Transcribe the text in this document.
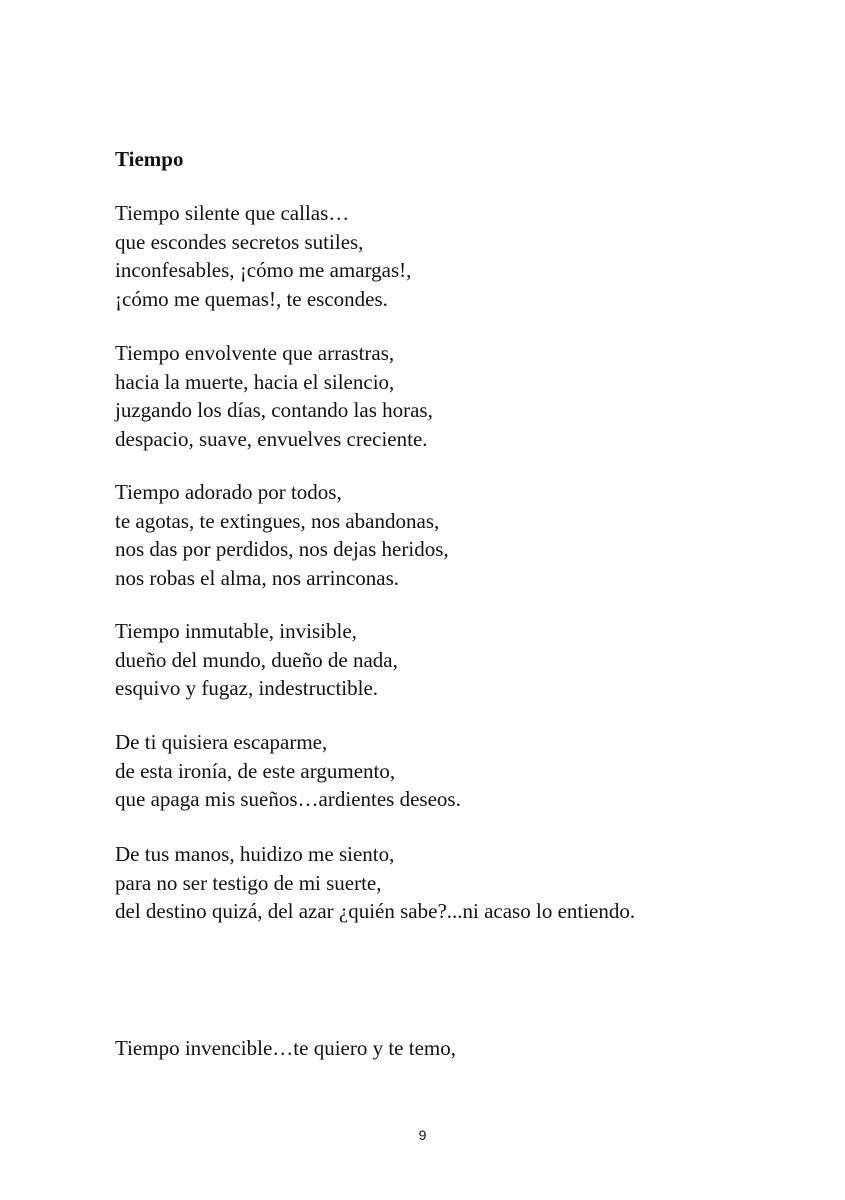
Tiempo

Tiempo silente que callas…
que escondes secretos sutiles,
inconfesables, ¡cómo me amargas!,
¡cómo me quemas!, te escondes.

Tiempo envolvente que arrastras,
hacia la muerte, hacia el silencio,
juzgando los días, contando las horas,
despacio, suave, envuelves creciente.

Tiempo adorado por todos,
te agotas, te extingues, nos abandonas,
nos das por perdidos, nos dejas heridos,
nos robas el alma, nos arrinconas.

Tiempo inmutable, invisible,
dueño del mundo, dueño de nada,
esquivo y fugaz, indestructible.

De ti quisiera escaparme,
de esta ironía, de este argumento,
que apaga mis sueños…ardientes deseos.

De tus manos, huidizo me siento,
para no ser testigo de mi suerte,
del destino quizá, del azar ¿quién sabe?...ni acaso lo entiendo.

Tiempo invencible…te quiero y te temo,

9
